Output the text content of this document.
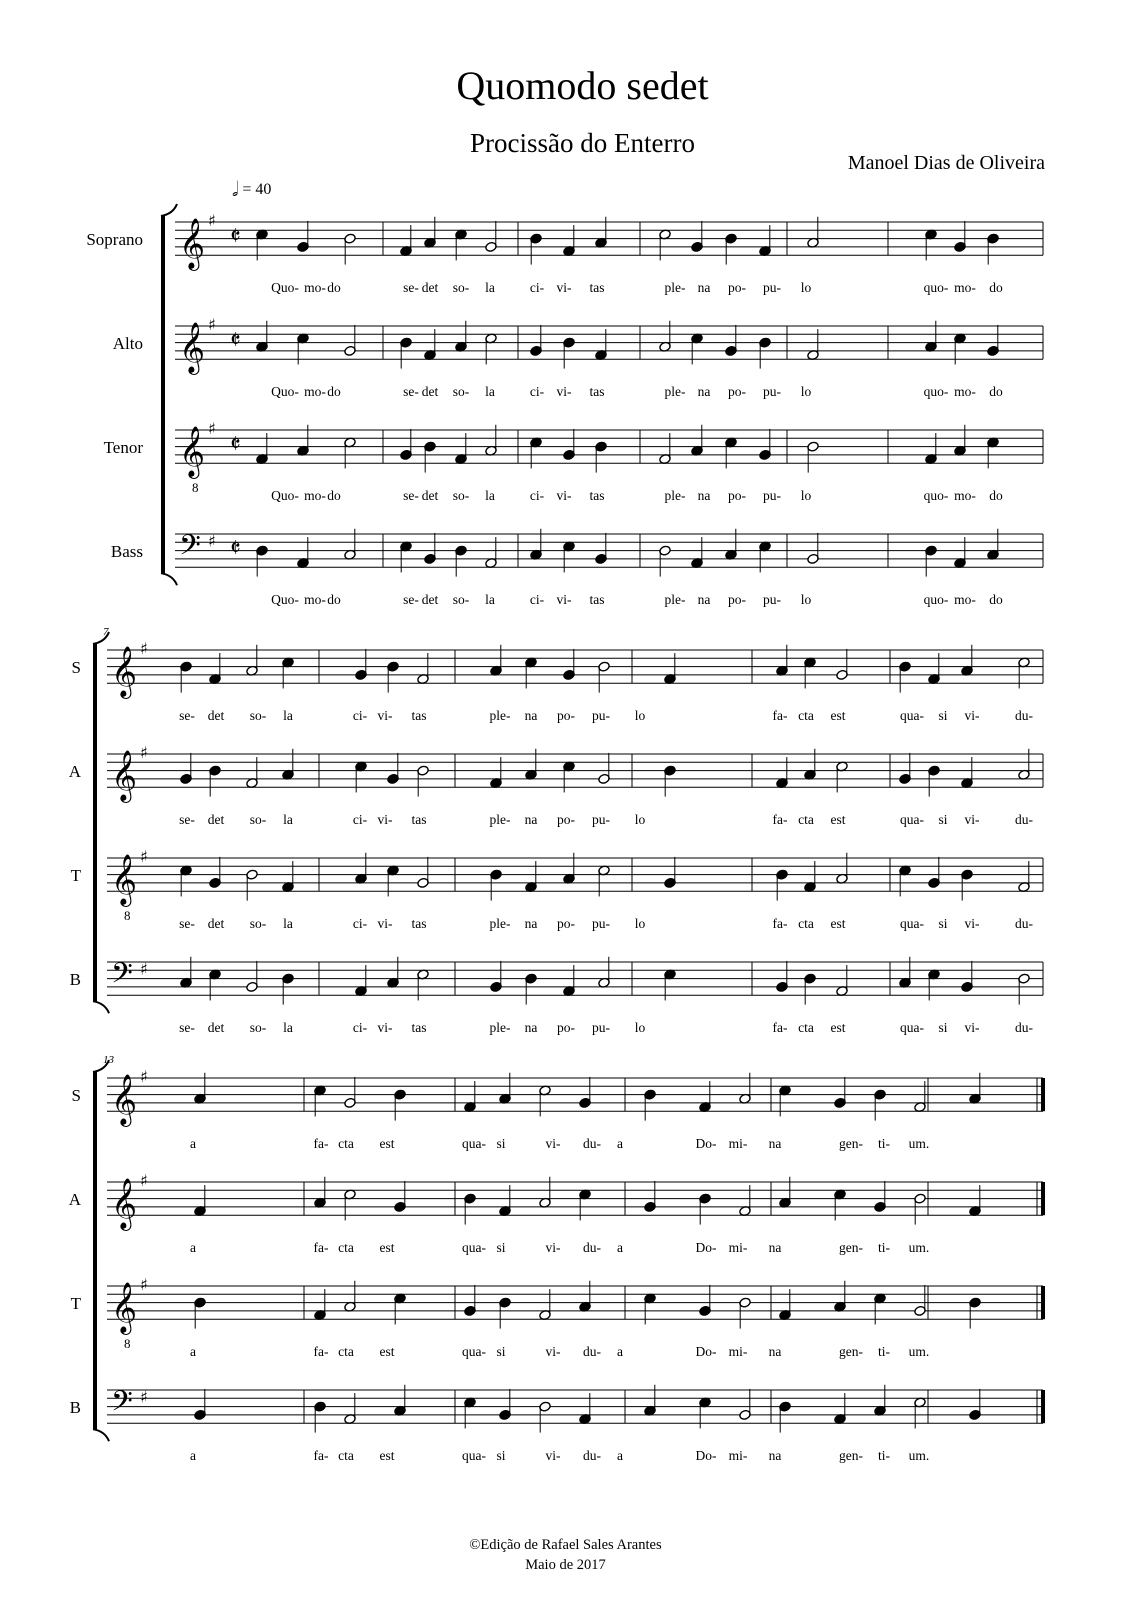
Quomodo sedet
Procissão do Enterro
Manoel Dias de Oliveira
𝅗𝅥 = 40
𝄞 ♯
𝄵
𝄞 ♯
𝄵
𝄞
8
♯
𝄵
𝄢 ♯ 𝄵
𝄞 ♯
𝄞 ♯
𝄞
8
♯
𝄢 ♯
𝄞 ♯
𝄞 ♯
𝄞
8
♯
𝄢 ♯
Soprano
Alto
Tenor
Bass
7
S
A
T
B
13
S
A
T
B
Quo- mo- do	se- det so- la	ci- vi- tas	ple- na po- pu- lo	quo- mo- do
Quo- mo- do	se- det so- la	ci- vi- tas	ple- na po- pu- lo	quo- mo- do
Quo- mo- do	se- det so- la	ci- vi- tas	ple- na po- pu- lo	quo- mo- do
Quo- mo- do	se- det so- la	ci- vi- tas	ple- na po- pu- lo	quo- mo- do
se- det so- la	ci- vi- tas	ple- na po- pu- lo	fa- cta est	qua- si vi-	du-
se- det so- la	ci- vi- tas	ple- na po- pu- lo	fa- cta est	qua- si vi-	du-
se- det so- la	ci- vi- tas	ple- na po- pu- lo	fa- cta est	qua- si vi-	du-
se- det so- la	ci- vi- tas	ple- na po- pu- lo	fa- cta est	qua- si vi-	du-
a	fa- cta est	qua- si	vi- du- a	Do- mi- na	gen- ti- um.
a	fa- cta est	qua- si	vi- du- a	Do- mi- na	gen- ti- um.
a	fa- cta est	qua- si	vi- du- a	Do- mi- na	gen- ti- um.
a	fa- cta est	qua- si	vi- du- a	Do- mi- na	gen- ti- um.
©Edição de Rafael Sales Arantes
Maio de 2017
